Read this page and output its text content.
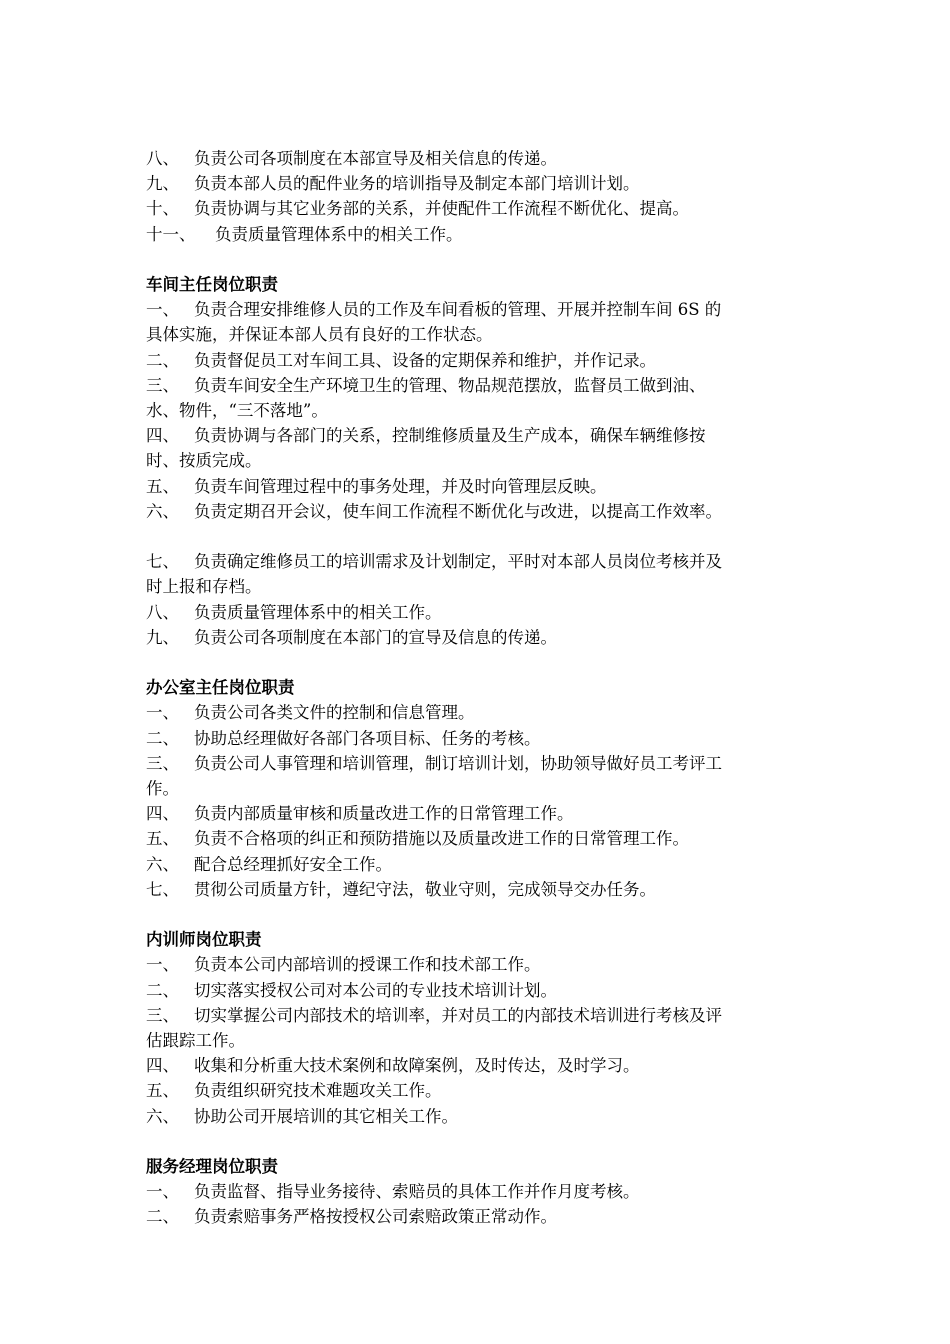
八、 负责公司各项制度在本部宣导及相关信息的传递。
九、 负责本部人员的配件业务的培训指导及制定本部门培训计划。
十、 负责协调与其它业务部的关系，并使配件工作流程不断优化、提高。
十一、	负责质量管理体系中的相关工作。
车间主任岗位职责
一、 负责合理安排维修人员的工作及车间看板的管理、开展并控制车间 6S 的
具体实施，并保证本部人员有良好的工作状态。
二、 负责督促员工对车间工具、设备的定期保养和维护，并作记录。
三、 负责车间安全生产环境卫生的管理、物品规范摆放，监督员工做到油、
水、物件，“三不落地”。
四、 负责协调与各部门的关系，控制维修质量及生产成本，确保车辆维修按
时、按质完成。
五、 负责车间管理过程中的事务处理，并及时向管理层反映。
六、 负责定期召开会议，使车间工作流程不断优化与改进，以提高工作效率。
七、 负责确定维修员工的培训需求及计划制定，平时对本部人员岗位考核并及
时上报和存档。
八、 负责质量管理体系中的相关工作。
九、 负责公司各项制度在本部门的宣导及信息的传递。
办公室主任岗位职责
一、 负责公司各类文件的控制和信息管理。
二、 协助总经理做好各部门各项目标、任务的考核。
三、 负责公司人事管理和培训管理，制订培训计划，协助领导做好员工考评工
作。
四、 负责内部质量审核和质量改进工作的日常管理工作。
五、 负责不合格项的纠正和预防措施以及质量改进工作的日常管理工作。
六、 配合总经理抓好安全工作。
七、 贯彻公司质量方针，遵纪守法，敬业守则，完成领导交办任务。
内训师岗位职责
一、 负责本公司内部培训的授课工作和技术部工作。
二、 切实落实授权公司对本公司的专业技术培训计划。
三、 切实掌握公司内部技术的培训率，并对员工的内部技术培训进行考核及评
估跟踪工作。
四、 收集和分析重大技术案例和故障案例，及时传达，及时学习。
五、 负责组织研究技术难题攻关工作。
六、 协助公司开展培训的其它相关工作。
服务经理岗位职责
一、 负责监督、指导业务接待、索赔员的具体工作并作月度考核。
二、 负责索赔事务严格按授权公司索赔政策正常动作。
